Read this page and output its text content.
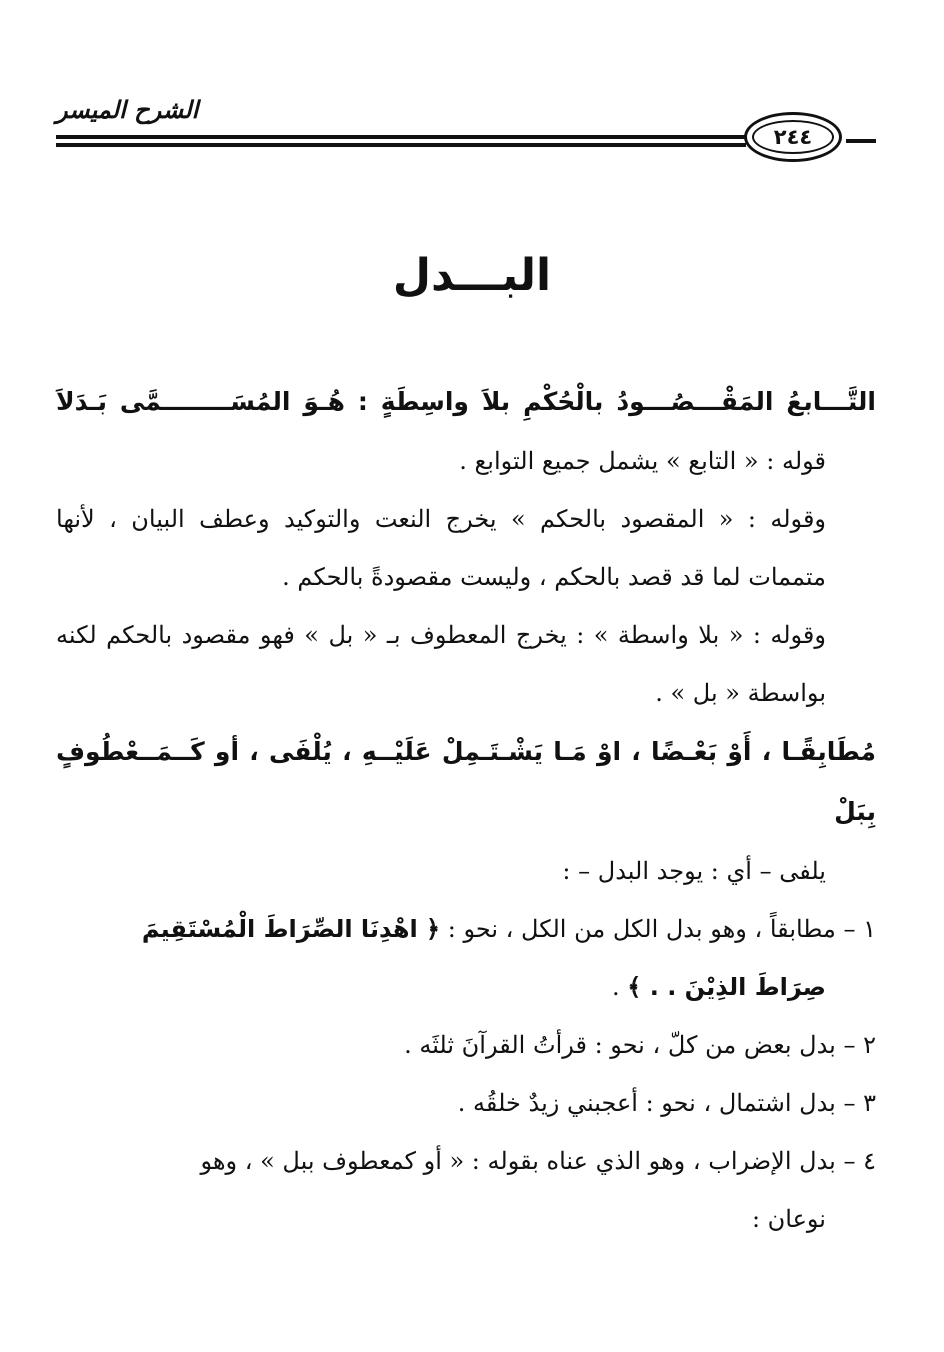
الشرح الميسر
٢٤٤
البـــدل

التَّـــابعُ المَقْـــصُـــودُ بالْحُكْمِ بلاَ واسِطَةٍ : هُـوَ المُسَــــــــمَّى بَـدَلاَ

قوله : « التابع » يشمل جميع التوابع .

وقوله : « المقصود بالحكم » يخرج النعت والتوكيد وعطف البيان ، لأنها متممات لما قد قصد بالحكم ، وليست مقصودةً بالحكم .

وقوله : « بلا واسطة » : يخرج المعطوف بـ « بل » فهو مقصود بالحكم لكنه بواسطة « بل » .

مُطَابِقًـا ، أَوْ بَعْـضًا ، اوْ مَـا يَشْـتَـمِلْ عَلَيْــهِ ، يُلْفَى ، أو كَــمَــعْطُوفٍ بِبَلْ

يلفى – أي : يوجد البدل – :

١ – مطابقاً ، وهو بدل الكل من الكل ، نحو : ﴿ اهْدِنَا الصِّرَاطَ الْمُسْتَقِيمَ

صِرَاطَ الذِيْنَ . . ﴾ .

٢ – بدل بعض من كلّ ، نحو : قرأتُ القرآنَ ثلثَه .

٣ – بدل اشتمال ، نحو : أعجبني زيدٌ خلقُه .

٤ – بدل الإضراب ، وهو الذي عناه بقوله : « أو كمعطوف ببل » ، وهو

نوعان :
